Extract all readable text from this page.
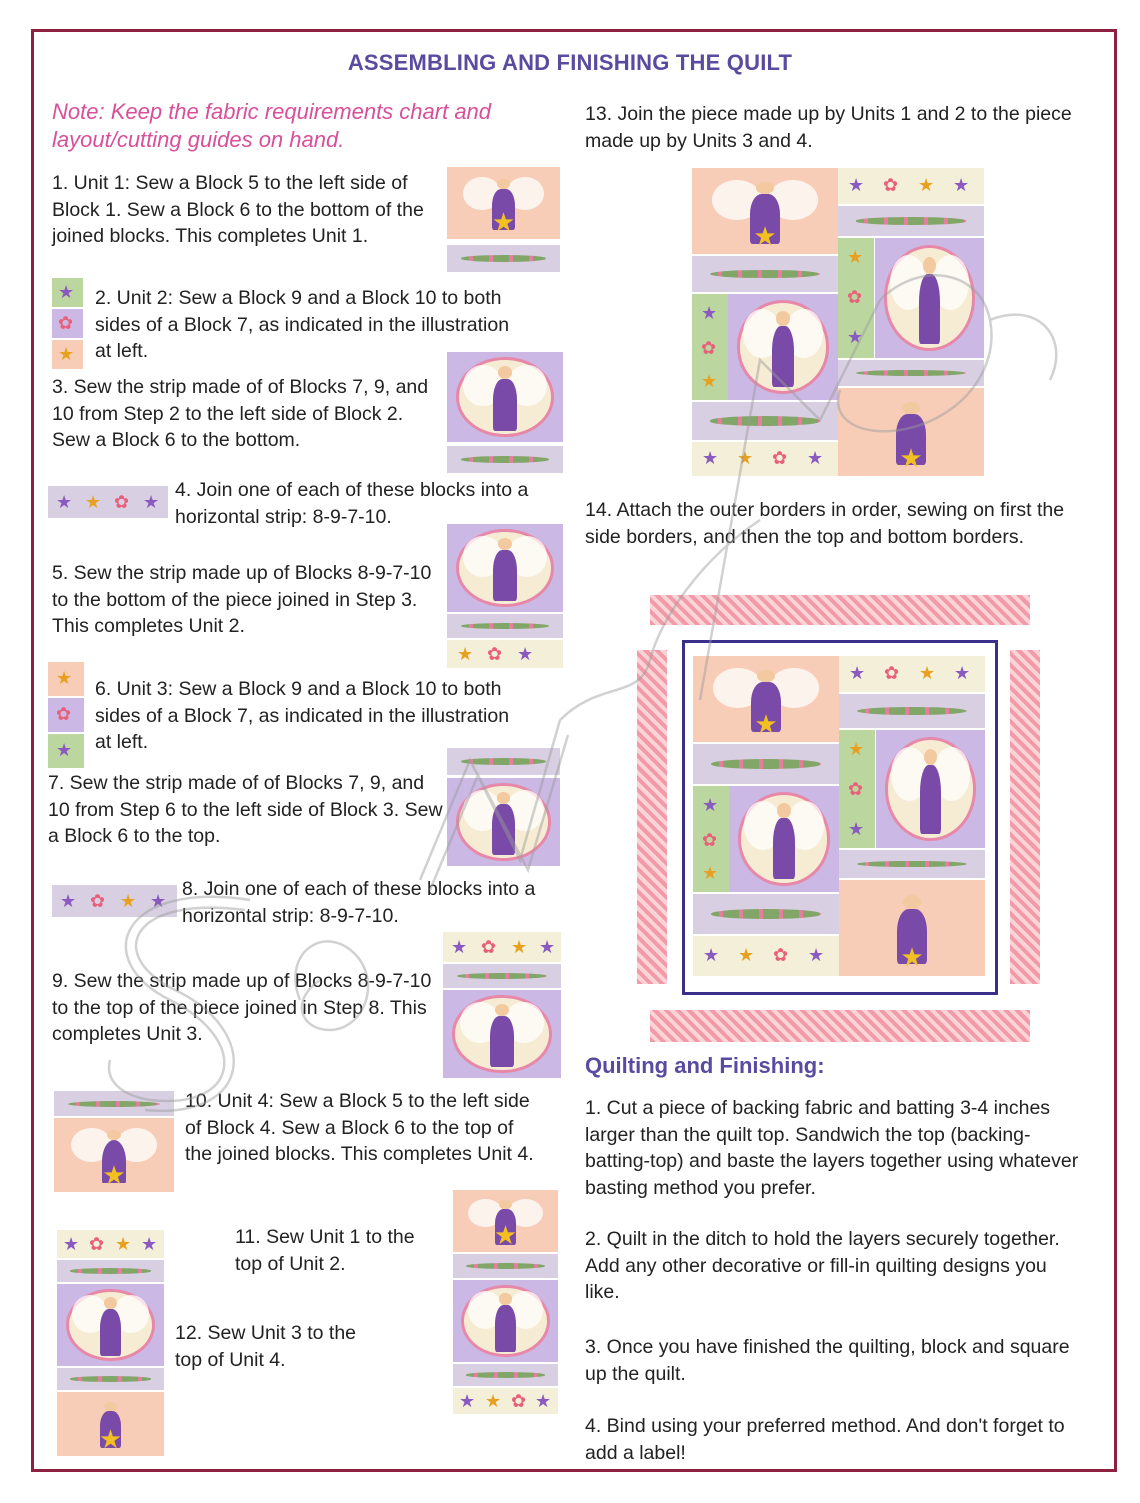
ASSEMBLING AND FINISHING THE QUILT
Note: Keep the fabric requirements chart and layout/cutting guides on hand.
1. Unit 1: Sew a Block 5 to the left side of Block 1. Sew a Block 6 to the bottom of the joined blocks. This completes Unit 1.
2. Unit 2: Sew a Block 9 and a Block 10 to both sides of a Block 7, as indicated in the illustration at left.
3. Sew the strip made of of Blocks 7, 9, and 10 from Step 2 to the left side of Block 2. Sew a Block 6 to the bottom.
4. Join one of each of these blocks into a horizontal strip: 8-9-7-10.
5. Sew the strip made up of Blocks 8-9-7-10 to the bottom of the piece joined in Step 3. This completes Unit 2.
6. Unit 3: Sew a Block 9 and a Block 10 to both sides of a Block 7, as indicated in the illustration at left.
7. Sew the strip made of of Blocks 7, 9, and 10 from Step 6 to the left side of Block 3. Sew a Block 6 to the top.
8. Join one of each of these blocks into a horizontal strip: 8-9-7-10.
9. Sew the strip made up of Blocks 8-9-7-10 to the top of the piece joined in Step 8. This completes Unit 3.
10. Unit 4: Sew a Block 5 to the left side of Block 4. Sew a Block 6 to the top of the joined blocks. This completes Unit 4.
11. Sew Unit 1 to the top of Unit 2.
12. Sew Unit 3 to the top of Unit 4.
13. Join the piece made up by Units 1 and 2 to the piece made up by Units 3 and 4.
14. Attach the outer borders in order, sewing on first the side borders, and then the top and bottom borders.
Quilting and Finishing:
1. Cut a piece of backing fabric and batting 3-4 inches larger than the quilt top. Sandwich the top (backing-batting-top) and baste the layers together using whatever basting method you prefer.
2. Quilt in the ditch to hold the layers securely together. Add any other decorative or fill-in quilting designs you like.
3. Once you have finished the quilting, block and square up the quilt.
4. Bind using your preferred method. And don't forget to add a label!
★
★
✿
★
★ ★ ✿ ★
★ ✿ ★
★
✿
★
★ ✿ ★ ★
★ ✿ ★ ★
★
★ ✿ ★ ★
★
★
★ ★ ✿ ★
★
★ ✿ ★ ★
★
✿
★
★
✿
★
★
★ ★ ✿ ★
★
★ ✿ ★ ★
★
✿
★
★
✿
★
★
★ ★ ✿ ★
